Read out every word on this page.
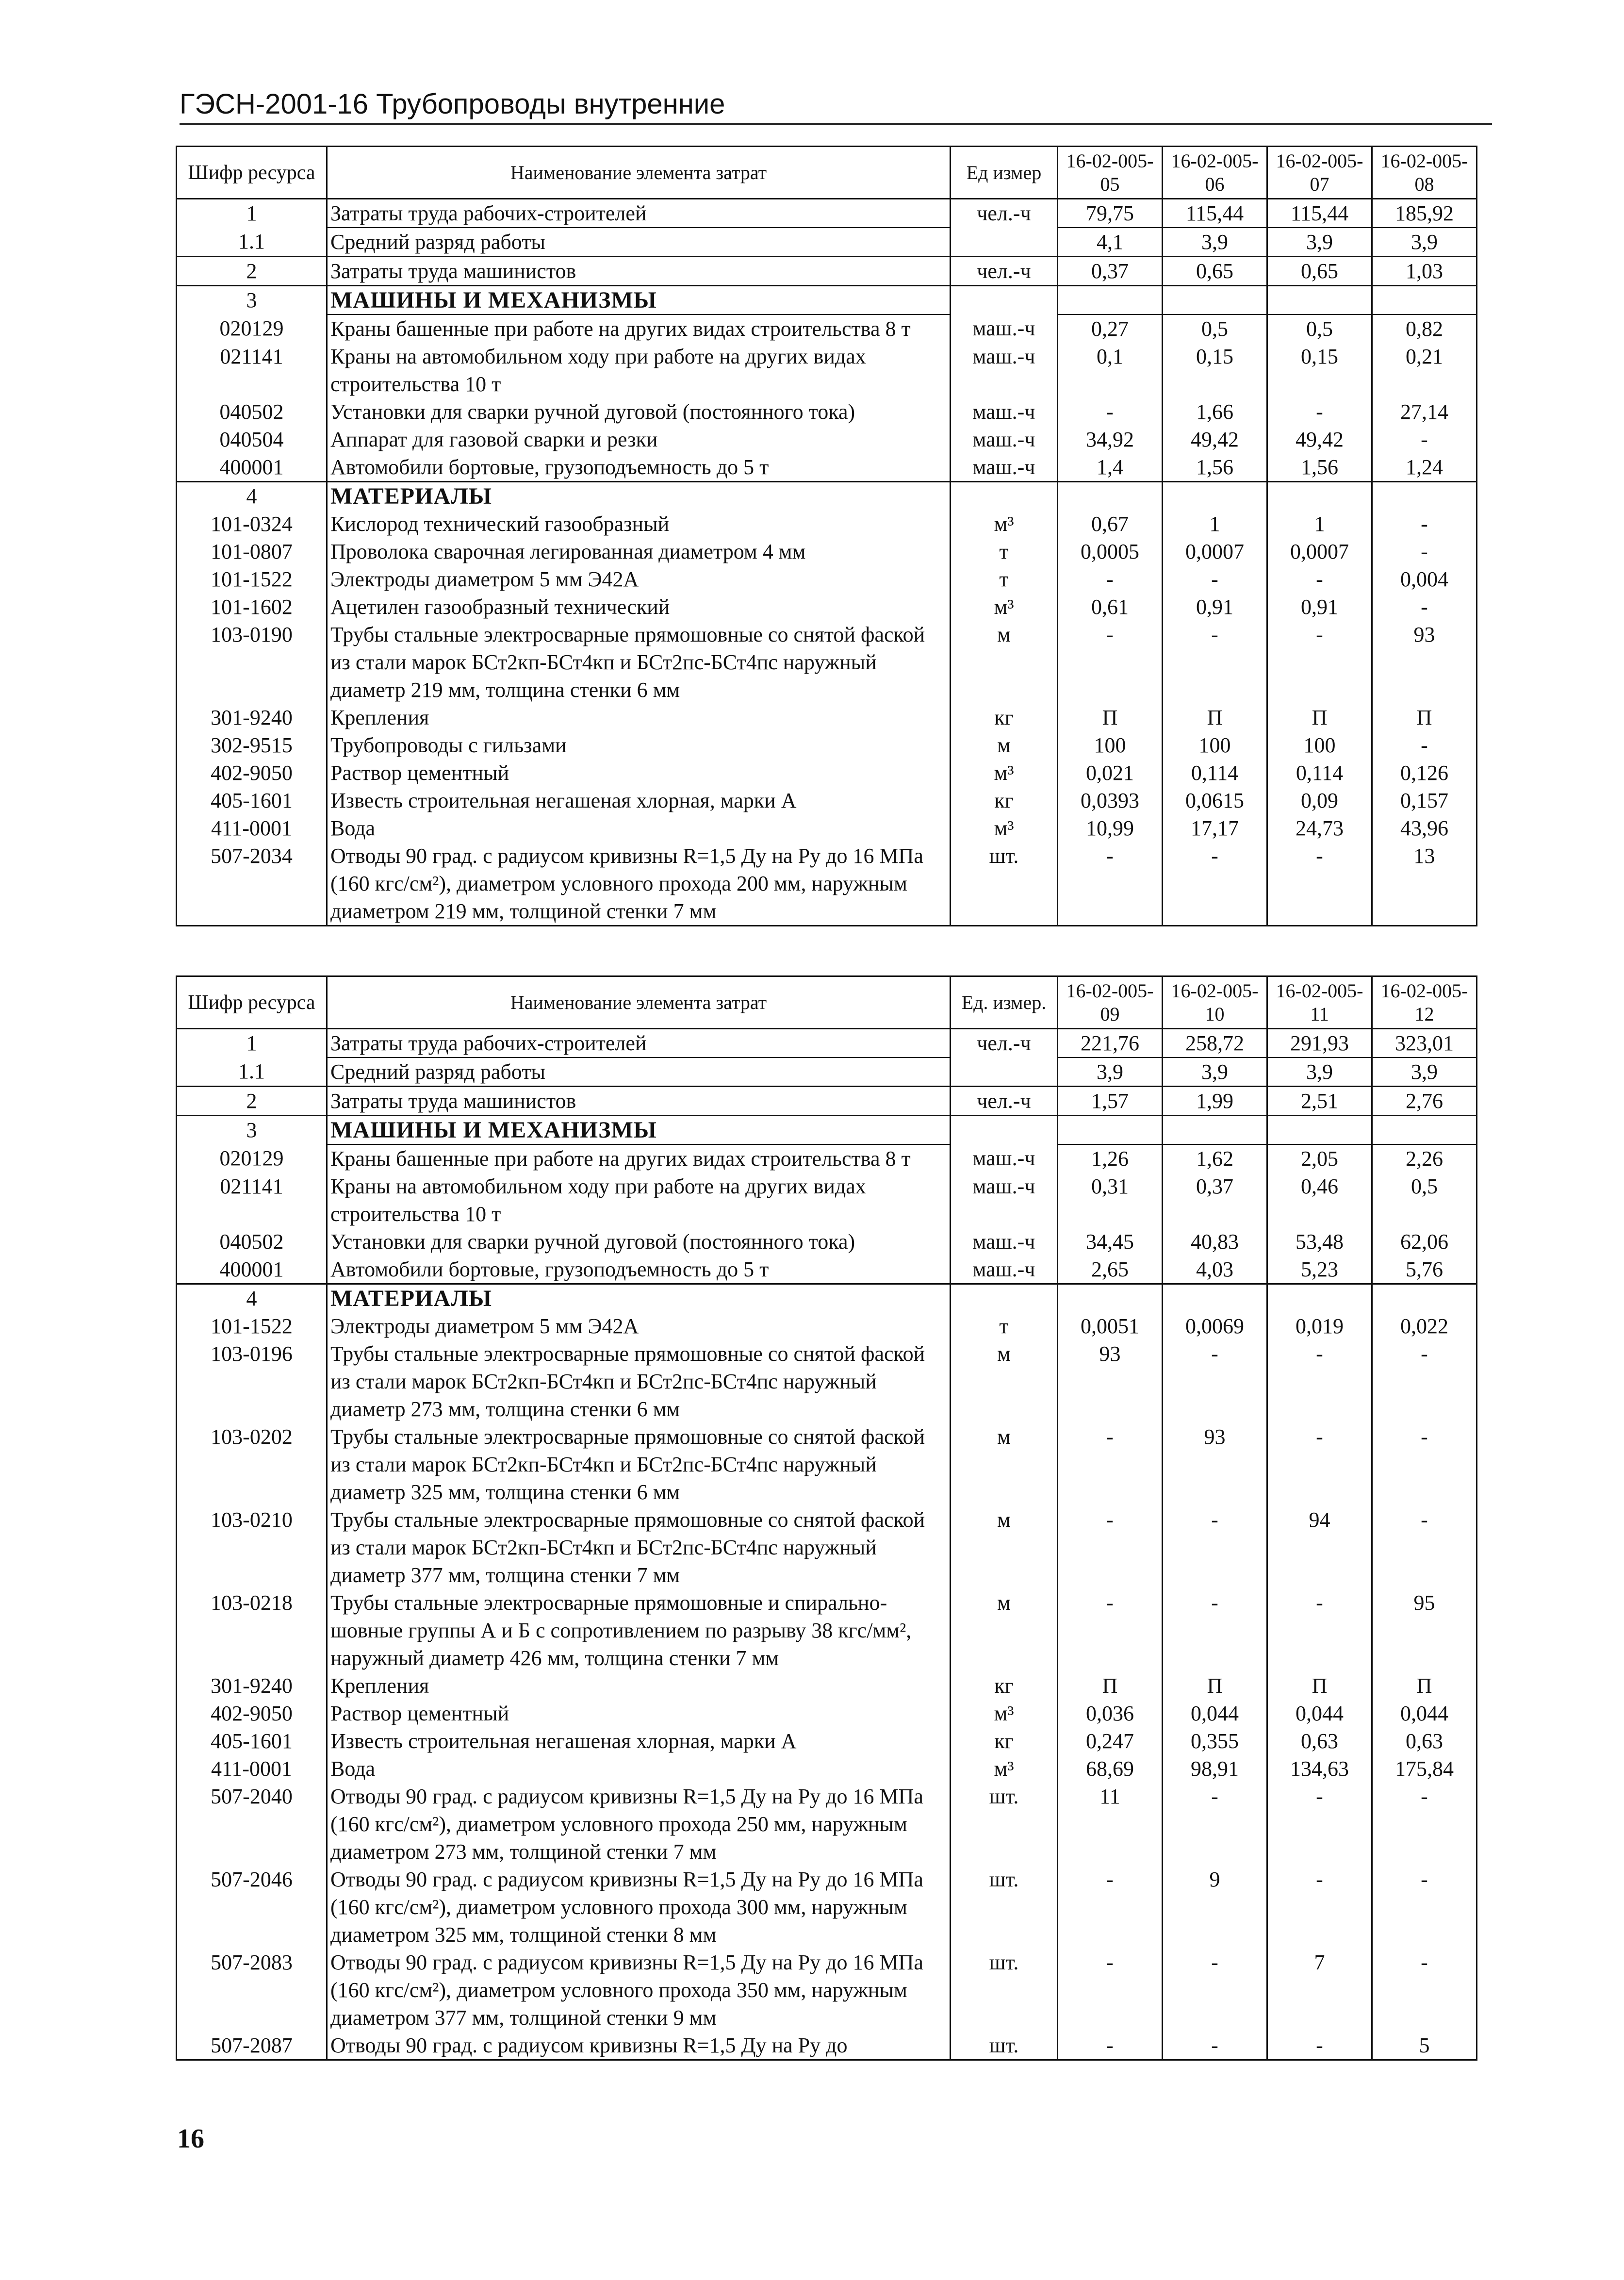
ГЭСН-2001-16 Трубопроводы внутренние
Шифр ресурса	Наименование элемента затрат	Ед измер	16-02-005-05	16-02-005-06	16-02-005-07	16-02-005-08
1	Затраты труда рабочих-строителей	чел.-ч	79,75	115,44	115,44	185,92
1.1	Средний разряд работы		4,1	3,9	3,9	3,9
2	Затраты труда машинистов	чел.-ч	0,37	0,65	0,65	1,03
3	МАШИНЫ И МЕХАНИЗМЫ					
020129	Краны башенные при работе на других видах строительства 8 т	маш.-ч	0,27	0,5	0,5	0,82
021141	Краны на автомобильном ходу при работе на других видах строительства 10 т	маш.-ч	0,1	0,15	0,15	0,21
040502	Установки для сварки ручной дуговой (постоянного тока)	маш.-ч	-	1,66	-	27,14
040504	Аппарат для газовой сварки и резки	маш.-ч	34,92	49,42	49,42	-
400001	Автомобили бортовые, грузоподъемность до 5 т	маш.-ч	1,4	1,56	1,56	1,24
4	МАТЕРИАЛЫ					
101-0324	Кислород технический газообразный	м³	0,67	1	1	-
101-0807	Проволока сварочная легированная диаметром 4 мм	т	0,0005	0,0007	0,0007	-
101-1522	Электроды диаметром 5 мм Э42А	т	-	-	-	0,004
101-1602	Ацетилен газообразный технический	м³	0,61	0,91	0,91	-
103-0190	Трубы стальные электросварные прямошовные со снятой фаской из стали марок БСт2кп-БСт4кп и БСт2пс-БСт4пс наружный диаметр 219 мм, толщина стенки 6 мм	м	-	-	-	93
301-9240	Крепления	кг	П	П	П	П
302-9515	Трубопроводы с гильзами	м	100	100	100	-
402-9050	Раствор цементный	м³	0,021	0,114	0,114	0,126
405-1601	Известь строительная негашеная хлорная, марки А	кг	0,0393	0,0615	0,09	0,157
411-0001	Вода	м³	10,99	17,17	24,73	43,96
507-2034	Отводы 90 град. с радиусом кривизны R=1,5 Ду на Ру до 16 МПа (160 кгс/см²), диаметром условного прохода 200 мм, наружным диаметром 219 мм, толщиной стенки 7 мм	шт.	-	-	-	13
Шифр ресурса	Наименование элемента затрат	Ед. измер.	16-02-005-09	16-02-005-10	16-02-005-11	16-02-005-12
1	Затраты труда рабочих-строителей	чел.-ч	221,76	258,72	291,93	323,01
1.1	Средний разряд работы		3,9	3,9	3,9	3,9
2	Затраты труда машинистов	чел.-ч	1,57	1,99	2,51	2,76
3	МАШИНЫ И МЕХАНИЗМЫ					
020129	Краны башенные при работе на других видах строительства 8 т	маш.-ч	1,26	1,62	2,05	2,26
021141	Краны на автомобильном ходу при работе на других видах строительства 10 т	маш.-ч	0,31	0,37	0,46	0,5
040502	Установки для сварки ручной дуговой (постоянного тока)	маш.-ч	34,45	40,83	53,48	62,06
400001	Автомобили бортовые, грузоподъемность до 5 т	маш.-ч	2,65	4,03	5,23	5,76
4	МАТЕРИАЛЫ					
101-1522	Электроды диаметром 5 мм Э42А	т	0,0051	0,0069	0,019	0,022
103-0196	Трубы стальные электросварные прямошовные со снятой фаской из стали марок БСт2кп-БСт4кп и БСт2пс-БСт4пс наружный диаметр 273 мм, толщина стенки 6 мм	м	93	-	-	-
103-0202	Трубы стальные электросварные прямошовные со снятой фаской из стали марок БСт2кп-БСт4кп и БСт2пс-БСт4пс наружный диаметр 325 мм, толщина стенки 6 мм	м	-	93	-	-
103-0210	Трубы стальные электросварные прямошовные со снятой фаской из стали марок БСт2кп-БСт4кп и БСт2пс-БСт4пс наружный диаметр 377 мм, толщина стенки 7 мм	м	-	-	94	-
103-0218	Трубы стальные электросварные прямошовные и спирально-шовные группы А и Б с сопротивлением по разрыву 38 кгс/мм², наружный диаметр 426 мм, толщина стенки 7 мм	м	-	-	-	95
301-9240	Крепления	кг	П	П	П	П
402-9050	Раствор цементный	м³	0,036	0,044	0,044	0,044
405-1601	Известь строительная негашеная хлорная, марки А	кг	0,247	0,355	0,63	0,63
411-0001	Вода	м³	68,69	98,91	134,63	175,84
507-2040	Отводы 90 град. с радиусом кривизны R=1,5 Ду на Ру до 16 МПа (160 кгс/см²), диаметром условного прохода 250 мм, наружным диаметром 273 мм, толщиной стенки 7 мм	шт.	11	-	-	-
507-2046	Отводы 90 град. с радиусом кривизны R=1,5 Ду на Ру до 16 МПа (160 кгс/см²), диаметром условного прохода 300 мм, наружным диаметром 325 мм, толщиной стенки 8 мм	шт.	-	9	-	-
507-2083	Отводы 90 град. с радиусом кривизны R=1,5 Ду на Ру до 16 МПа (160 кгс/см²), диаметром условного прохода 350 мм, наружным диаметром 377 мм, толщиной стенки 9 мм	шт.	-	-	7	-
507-2087	Отводы 90 град. с радиусом кривизны R=1,5 Ду на Ру до	шт.	-	-	-	5
16
